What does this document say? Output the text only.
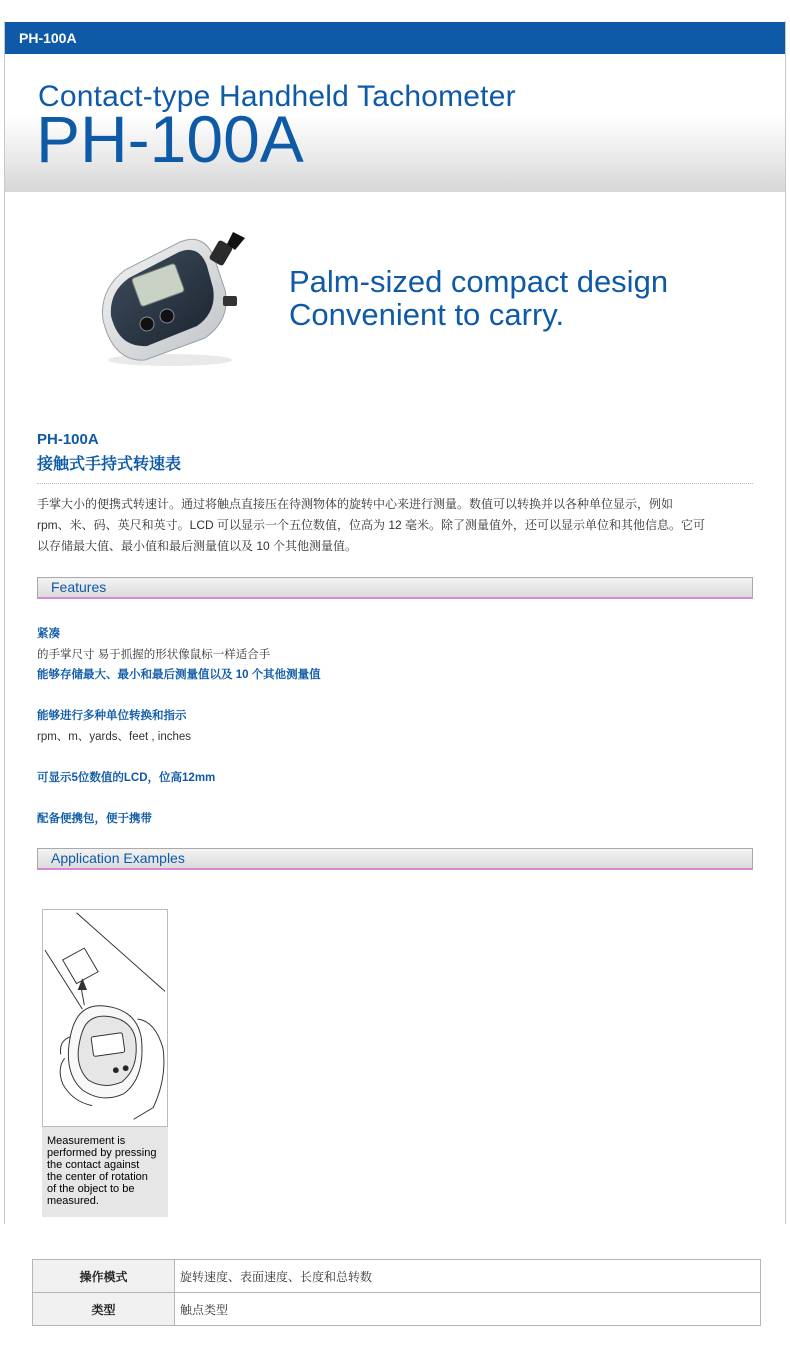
PH-100A
Contact-type Handheld Tachometer
PH-100A
Palm-sized compact design
Convenient to carry.
PH-100A
接触式手持式转速表
手掌大小的便携式转速计。通过将触点直接压在待测物体的旋转中心来进行测量。数值可以转换并以各种单位显示，例如
rpm、米、码、英尺和英寸。LCD 可以显示一个五位数值，位高为 12 毫米。除了测量值外，还可以显示单位和其他信息。它可
以存储最大值、最小值和最后测量值以及 10 个其他测量值。
Features
紧凑
的手掌尺寸 易于抓握的形状像鼠标一样适合手
能够存储最大、最小和最后测量值以及 10 个其他测量值
能够进行多种单位转换和指示
rpm、m、yards、feet , inches
可显示5位数值的LCD，位高12mm
配备便携包，便于携带
Application Examples
Measurement is
performed by pressing
the contact against
the center of rotation
of the object to be
measured.
操作模式	旋转速度、表面速度、长度和总转数
类型	触点类型
